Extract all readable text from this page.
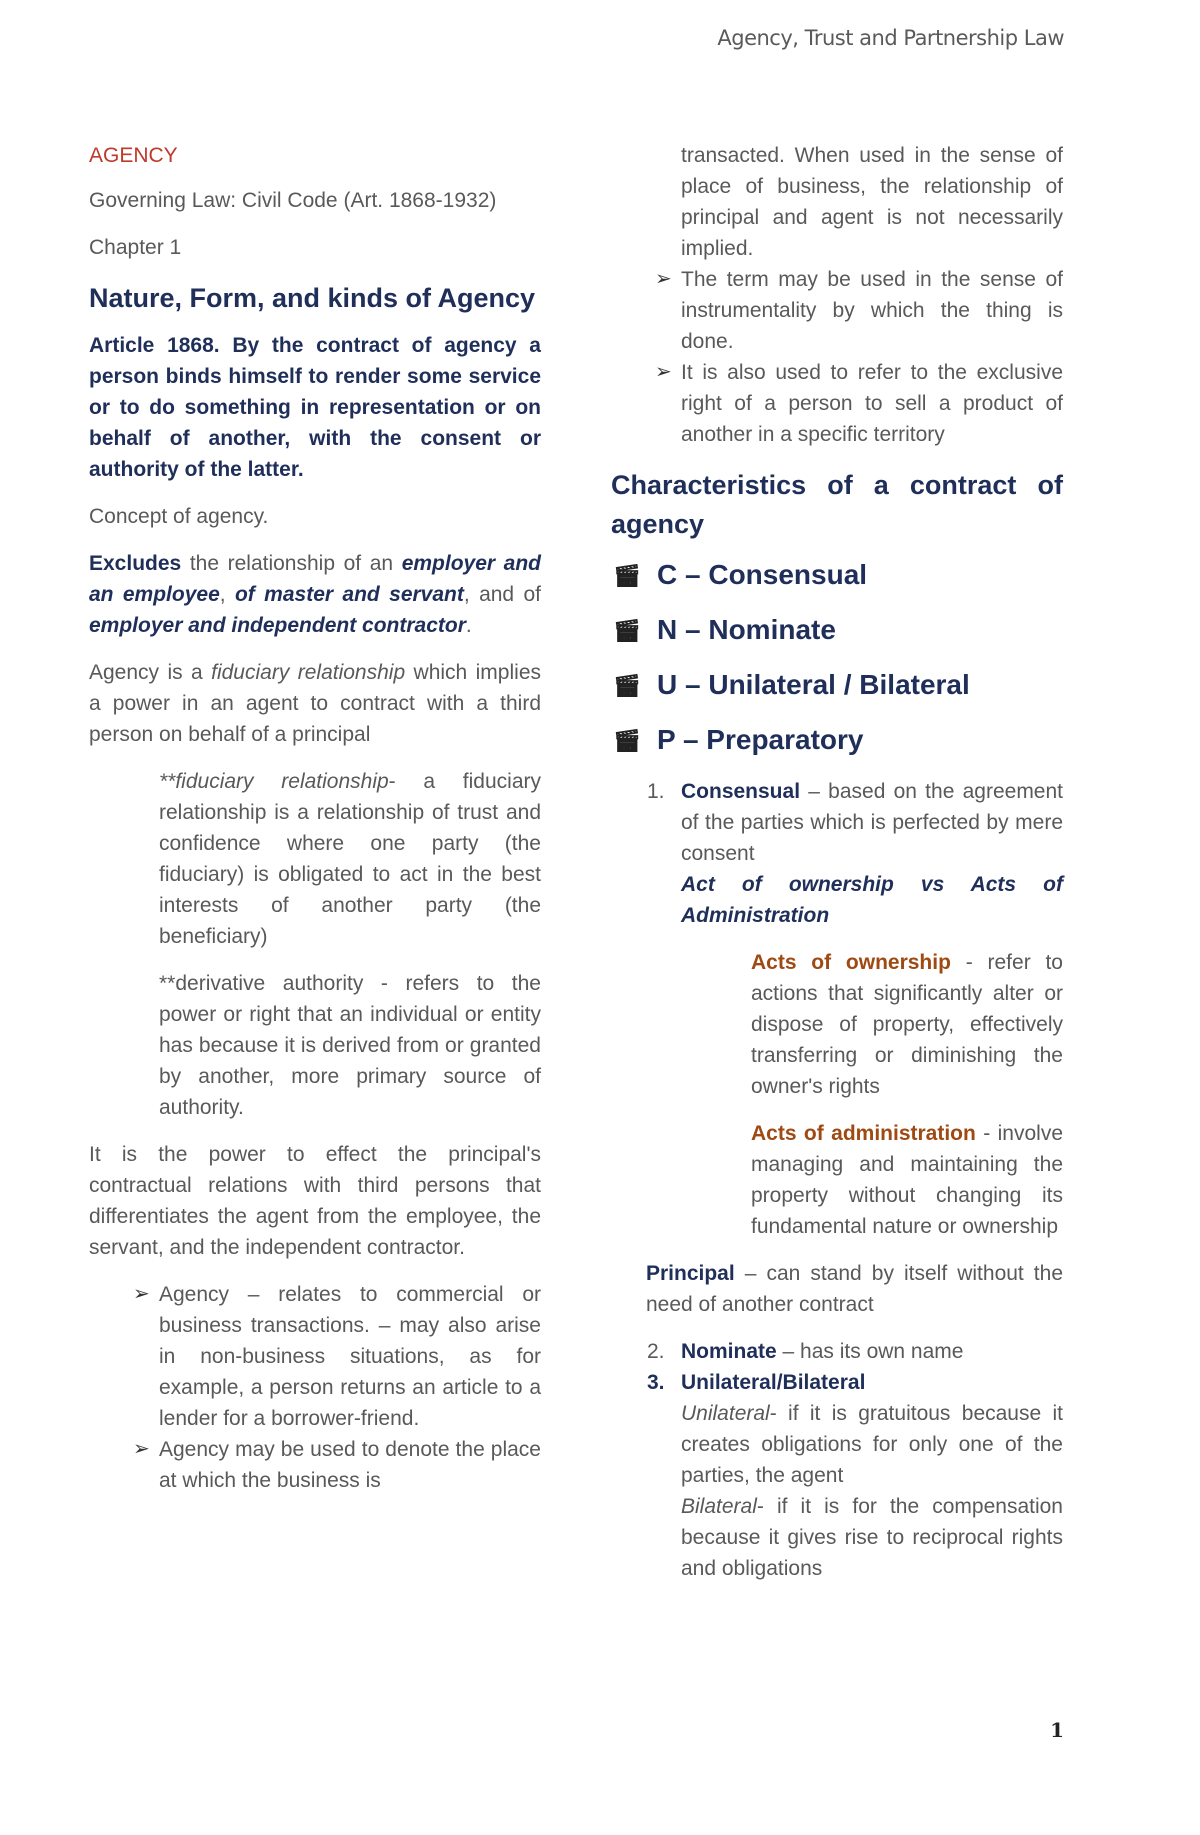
Agency, Trust and Partnership Law

AGENCY

Governing Law: Civil Code (Art. 1868-1932)

Chapter 1

Nature, Form, and kinds of Agency

Article 1868. By the contract of agency a person binds himself to render some service or to do something in representation or on behalf of another, with the consent or authority of the latter.

Concept of agency.

Excludes the relationship of an employer and an employee, of master and servant, and of employer and independent contractor.

Agency is a fiduciary relationship which implies a power in an agent to contract with a third person on behalf of a principal

**fiduciary relationship- a fiduciary relationship is a relationship of trust and confidence where one party (the fiduciary) is obligated to act in the best interests of another party (the beneficiary)

**derivative authority - refers to the power or right that an individual or entity has because it is derived from or granted by another, more primary source of authority.

It is the power to effect the principal's contractual relations with third persons that differentiates the agent from the employee, the servant, and the independent contractor.

➢ Agency – relates to commercial or business transactions. – may also arise in non-business situations, as for example, a person returns an article to a lender for a borrower-friend.

➢ Agency may be used to denote the place at which the business is

transacted. When used in the sense of place of business, the relationship of principal and agent is not necessarily implied.

➢ The term may be used in the sense of instrumentality by which the thing is done.

➢ It is also used to refer to the exclusive right of a person to sell a product of another in a specific territory

Characteristics of a contract of agency

🎬︎ C – Consensual

🎬︎ N – Nominate

🎬︎ U – Unilateral / Bilateral

🎬︎ P – Preparatory

1. Consensual – based on the agreement of the parties which is perfected by mere consent
Act of ownership vs Acts of Administration

Acts of ownership - refer to actions that significantly alter or dispose of property, effectively transferring or diminishing the owner's rights

Acts of administration - involve managing and maintaining the property without changing its fundamental nature or ownership

Principal – can stand by itself without the need of another contract

2. Nominate – has its own name
3. Unilateral/Bilateral
Unilateral- if it is gratuitous because it creates obligations for only one of the parties, the agent
Bilateral- if it is for the compensation because it gives rise to reciprocal rights and obligations
1
